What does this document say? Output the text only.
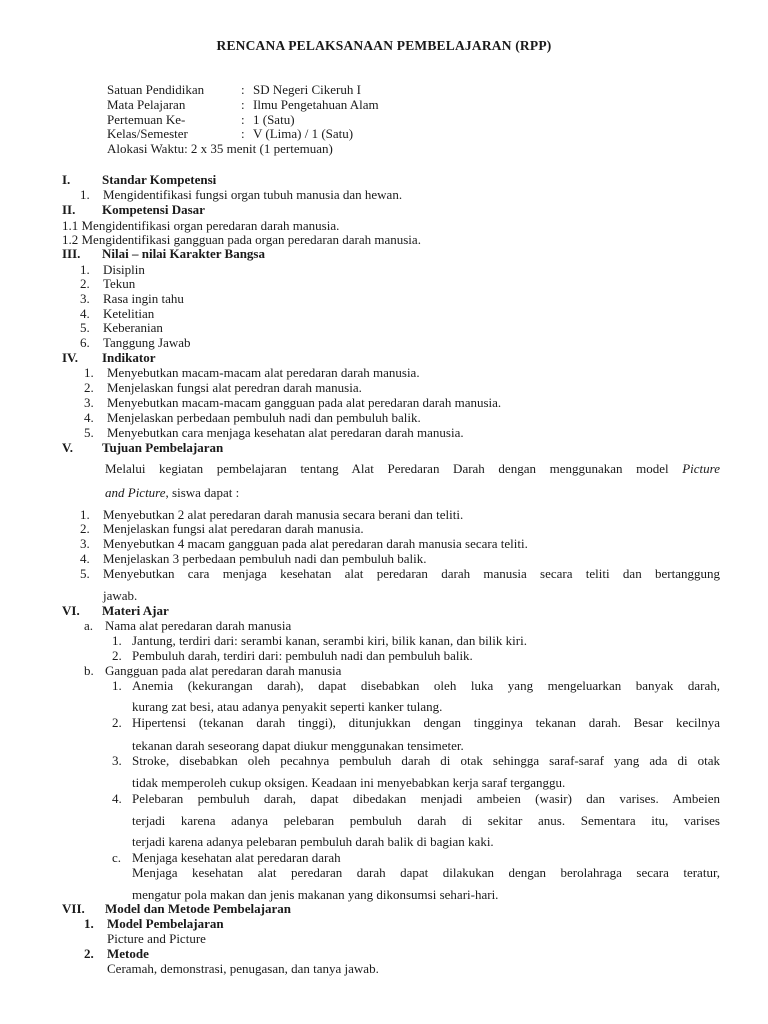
RENCANA PELAKSANAAN PEMBELAJARAN (RPP)
Satuan Pendidikan	: SD Negeri Cikeruh I
Mata Pelajaran	: Ilmu Pengetahuan Alam
Pertemuan Ke-	: 1 (Satu)
Kelas/Semester	: V (Lima) / 1 (Satu)
Alokasi Waktu: 2 x 35 menit (1 pertemuan)
I. Standar Kompetensi
1. Mengidentifikasi fungsi organ tubuh manusia dan hewan.
II. Kompetensi Dasar
1.1 Mengidentifikasi organ peredaran darah manusia.
1.2 Mengidentifikasi gangguan pada organ peredaran darah manusia.
III. Nilai – nilai Karakter Bangsa
1. Disiplin
2. Tekun
3. Rasa ingin tahu
4. Ketelitian
5. Keberanian
6. Tanggung Jawab
IV. Indikator
1. Menyebutkan macam-macam alat peredaran darah manusia.
2. Menjelaskan fungsi alat peredran darah manusia.
3. Menyebutkan macam-macam gangguan pada alat peredaran darah manusia.
4. Menjelaskan perbedaan pembuluh nadi dan pembuluh balik.
5. Menyebutkan cara menjaga kesehatan alat peredaran darah manusia.
V. Tujuan Pembelajaran
Melalui kegiatan pembelajaran tentang Alat Peredaran Darah dengan menggunakan model Picture
and Picture, siswa dapat :
1. Menyebutkan 2 alat peredaran darah manusia secara berani dan teliti.
2. Menjelaskan fungsi alat peredaran darah manusia.
3. Menyebutkan 4 macam gangguan pada alat peredaran darah manusia secara teliti.
4. Menjelaskan 3 perbedaan pembuluh nadi dan pembuluh balik.
5. Menyebutkan cara menjaga kesehatan alat peredaran darah manusia secara teliti dan bertanggung
jawab.
VI. Materi Ajar
a. Nama alat peredaran darah manusia
1. Jantung, terdiri dari: serambi kanan, serambi kiri, bilik kanan, dan bilik kiri.
2. Pembuluh darah, terdiri dari: pembuluh nadi dan pembuluh balik.
b. Gangguan pada alat peredaran darah manusia
1. Anemia (kekurangan darah), dapat disebabkan oleh luka yang mengeluarkan banyak darah,
kurang zat besi, atau adanya penyakit seperti kanker tulang.
2. Hipertensi (tekanan darah tinggi), ditunjukkan dengan tingginya tekanan darah. Besar kecilnya
tekanan darah seseorang dapat diukur menggunakan tensimeter.
3. Stroke, disebabkan oleh pecahnya pembuluh darah di otak sehingga saraf-saraf yang ada di otak
tidak memperoleh cukup oksigen. Keadaan ini menyebabkan kerja saraf terganggu.
4. Pelebaran pembuluh darah, dapat dibedakan menjadi ambeien (wasir) dan varises. Ambeien
terjadi karena adanya pelebaran pembuluh darah di sekitar anus. Sementara itu, varises
terjadi karena adanya pelebaran pembuluh darah balik di bagian kaki.
c. Menjaga kesehatan alat peredaran darah
Menjaga kesehatan alat peredaran darah dapat dilakukan dengan berolahraga secara teratur,
mengatur pola makan dan jenis makanan yang dikonsumsi sehari-hari.
VII. Model dan Metode Pembelajaran
1. Model Pembelajaran
Picture and Picture
2. Metode
Ceramah, demonstrasi, penugasan, dan tanya jawab.
